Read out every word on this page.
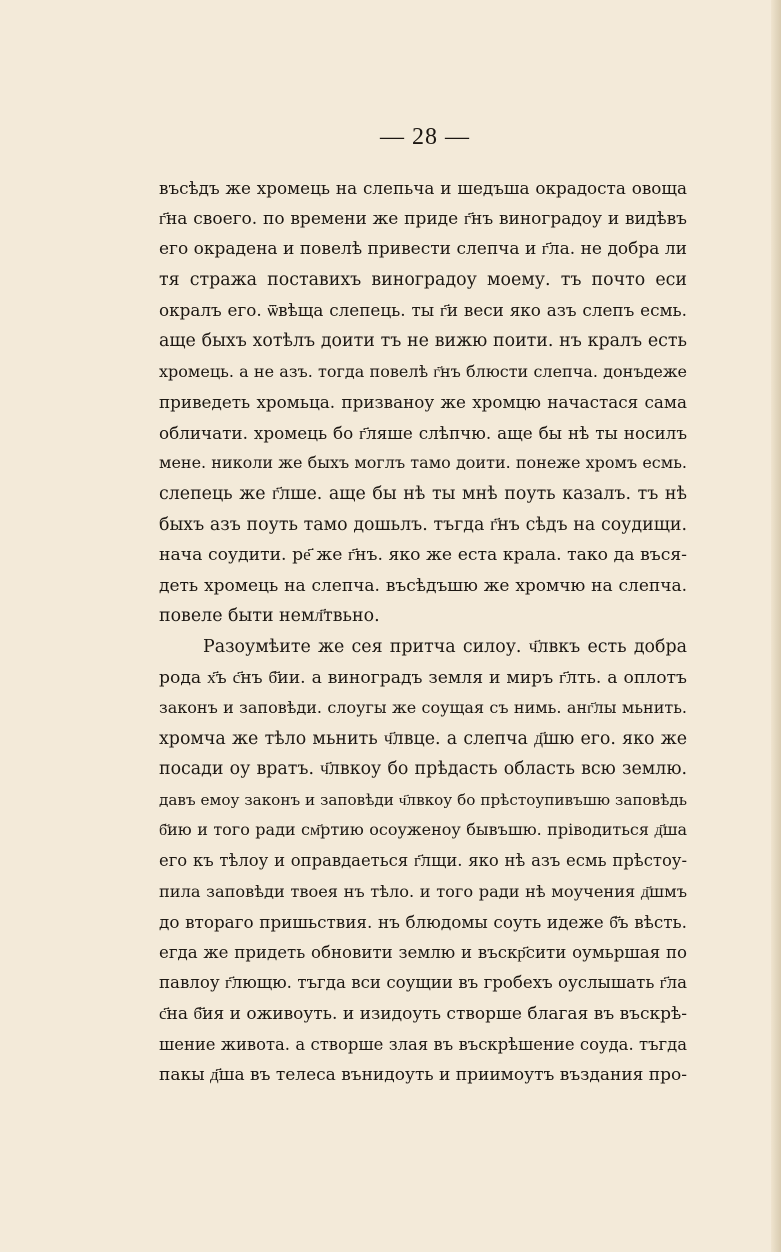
— 28 —
въсѣдъ же хромець на слепьча и шедъша окрадоста овоща
г҃на своего. по времени же приде г҃нъ виноградоу и видѣвъ
его окрадена и повелѣ привести слепча и г҃ла. не добра ли
тя стража поставихъ виноградоу моему. тъ почто еси
окралъ его. ѿвѣща слепець. ты г҃и веси яко азъ слепъ есмь.
аще быхъ хотѣлъ доити тъ не вижю поити. нъ кралъ есть
хромець. а не азъ. тогда повелѣ г҃нъ блюсти слепча. донъдеже
приведеть хромьца. призваноу же хромцю начастася сама
обличати. хромець бо г҃ляше слѣпчю. аще бы нѣ ты носилъ
мене. николи же быхъ моглъ тамо доити. понеже хромъ есмь.
слепець же г҃лше. аще бы нѣ ты мнѣ поуть казалъ. тъ нѣ
быхъ азъ поуть тамо дошьлъ. тъгда г҃нъ сѣдъ на соудищи.
нача соудити. ре҃ же г҃нъ. яко же еста крала. тако да въся-
деть хромець на слепча. въсѣдъшю же хромчю на слепча.
повеле быти немл҃твьно.
Разоумѣите же сея притча силоу. ч҃лвкъ есть добра
рода х҃ъ с҃нъ б҃ии. а виноградъ земля и миръ г҃лть. а оплотъ
законъ и заповѣди. слоугы же соущая съ нимь. анг҃лы мьнить.
хромча же тѣло мьнить ч҃лвце. а слепча д҃шю его. яко же
посади оу вратъ. ч҃лвкоу бо прѣдасть область всю землю.
давъ емоу законъ и заповѣди ч҃лвкоу бо прѣстоупивъшю заповѣдь
б҃ию и того ради см҃ртию осоуженоу бывъшю. прiводиться д҃ша
его къ тѣлоу и оправдаеться г҃лщи. яко нѣ азъ есмь прѣстоу-
пила заповѣди твоея нъ тѣло. и того ради нѣ моучения д҃шмъ
до втораго пришьствия. нъ блюдомы соуть идеже б҃ъ вѣсть.
егда же придеть обновити землю и въскр҃сити оумьршая по
павлоу г҃лющю. тъгда вси соущии въ гробехъ оуслышать г҃ла
с҃на б҃ия и оживоуть. и изидоуть створше благая въ въскрѣ-
шение живота. а створше злая въ въскрѣшение соуда. тъгда
пакы д҃ша въ телеса вънидоуть и приимоутъ въздания про-
